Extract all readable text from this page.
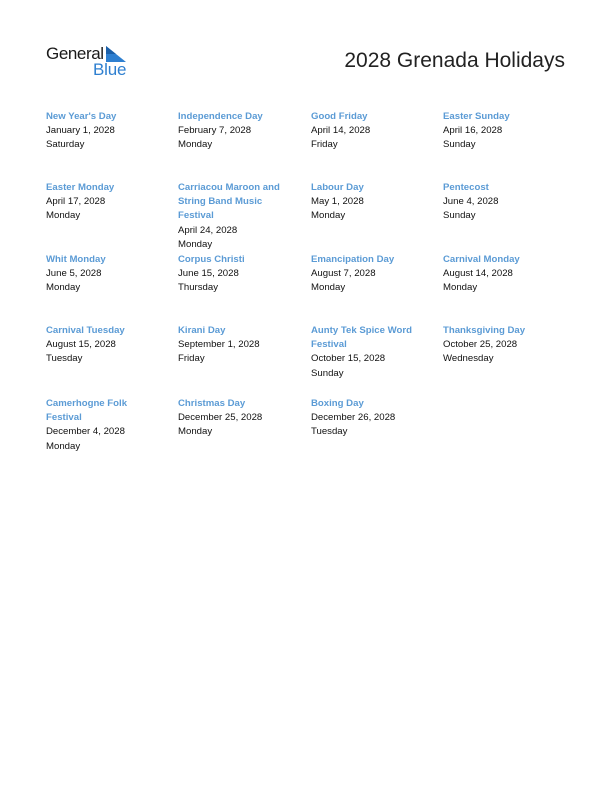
General
Blue	2028 Grenada Holidays
New Year's Day
January 1, 2028
Saturday
Independence Day
February 7, 2028
Monday
Good Friday
April 14, 2028
Friday
Easter Sunday
April 16, 2028
Sunday
Easter Monday
April 17, 2028
Monday
Carriacou Maroon and String Band Music Festival
April 24, 2028
Monday
Labour Day
May 1, 2028
Monday
Pentecost
June 4, 2028
Sunday
Whit Monday
June 5, 2028
Monday
Corpus Christi
June 15, 2028
Thursday
Emancipation Day
August 7, 2028
Monday
Carnival Monday
August 14, 2028
Monday
Carnival Tuesday
August 15, 2028
Tuesday
Kirani Day
September 1, 2028
Friday
Aunty Tek Spice Word Festival
October 15, 2028
Sunday
Thanksgiving Day
October 25, 2028
Wednesday
Camerhogne Folk Festival
December 4, 2028
Monday
Christmas Day
December 25, 2028
Monday
Boxing Day
December 26, 2028
Tuesday
